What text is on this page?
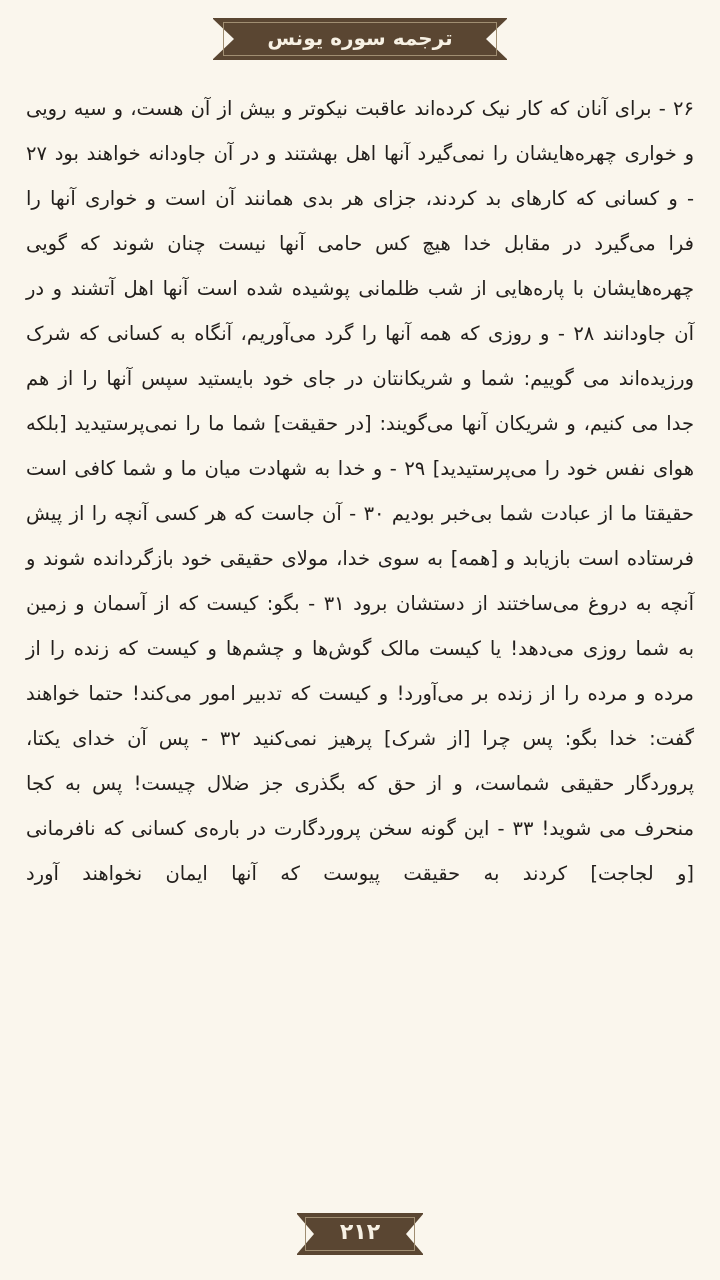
ترجمه سوره یونس
۲۶ - برای آنان که کار نیک کرده‌اند عاقبت نیکوتر و بیش از آن هست، و سیه رویی و خواری چهره‌هایشان را نمی‌گیرد آنها اهل بهشتند و در آن جاودانه خواهند بود ۲۷ - و کسانی که کارهای بد کردند، جزای هر بدی همانند آن است و خواری آنها را فرا می‌گیرد در مقابل خدا هیچ کس حامی آنها نیست چنان شوند که گویی چهره‌هایشان با پاره‌هایی از شب ظلمانی پوشیده شده است آنها اهل آتشند و در آن جاودانند ۲۸ - و روزی که همه آنها را گرد می‌آوریم، آنگاه به کسانی که شرک ورزیده‌اند می گوییم: شما و شریکانتان در جای خود بایستید سپس آنها را از هم جدا می کنیم، و شریکان آنها می‌گویند: [در حقیقت] شما ما را نمی‌پرستیدید [بلکه هوای نفس خود را می‌پرستیدید] ۲۹ - و خدا به شهادت میان ما و شما کافی است حقیقتا ما از عبادت شما بی‌خبر بودیم ۳۰ - آن جاست که هر کسی آنچه را از پیش فرستاده است بازیابد و [همه] به سوی خدا، مولای حقیقی خود بازگردانده شوند و آنچه به دروغ می‌ساختند از دستشان برود ۳۱ - بگو: کیست که از آسمان و زمین به شما روزی می‌دهد! یا کیست مالک گوش‌ها و چشم‌ها و کیست که زنده را از مرده و مرده را از زنده بر می‌آورد! و کیست که تدبیر امور می‌کند! حتما خواهند گفت: خدا بگو: پس چرا [از شرک] پرهیز نمی‌کنید ۳۲ - پس آن خدای یکتا، پروردگار حقیقی شماست، و از حق که بگذری جز ضلال چیست! پس به کجا منحرف می شوید! ۳۳ - این گونه سخن پروردگارت در باره‌ی کسانی که نافرمانی [و لجاجت] کردند به حقیقت پیوست که آنها ایمان نخواهند آورد
۲۱۲
